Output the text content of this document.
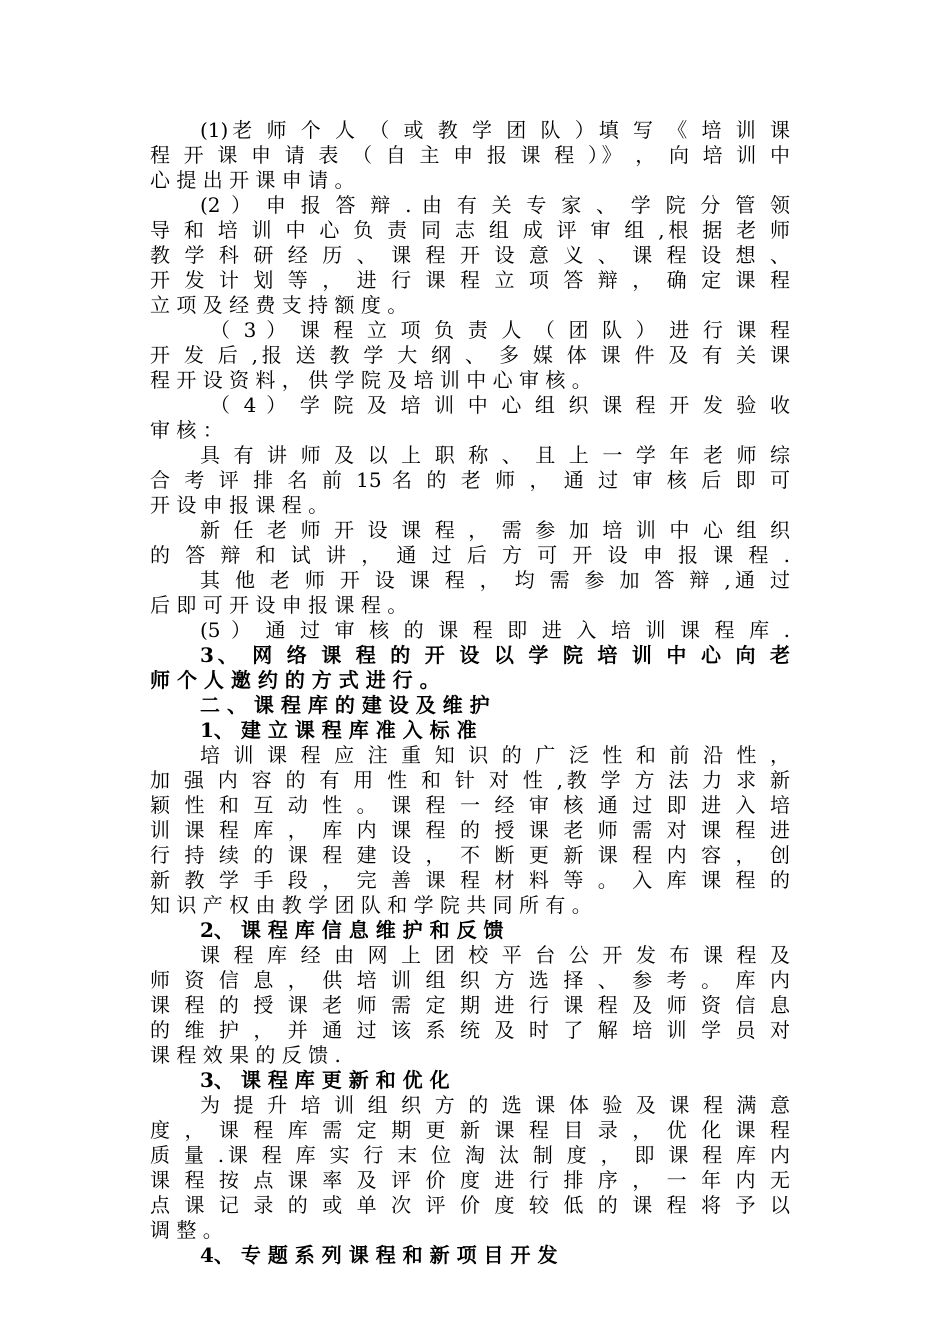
(1)老 师 个 人 （ 或 教 学 团 队 ）填 写 《 培 训 课
程 开 课 申 请 表 （ 自 主 申 报 课 程 ）》 ， 向 培 训 中
心 提 出 开 课 申 请 。
(2 ） 申 报 答 辩 . 由 有 关 专 家 、 学 院 分 管 领
导 和 培 训 中 心 负 责 同 志 组 成 评 审 组 ,根 据 老 师
教 学 科 研 经 历 、 课 程 开 设 意 义 、 课 程 设 想 、
开 发 计 划 等 ， 进 行 课 程 立 项 答 辩 ， 确 定 课 程
立 项 及 经 费 支 持 额 度 。
（ 3 ） 课 程 立 项 负 责 人 （ 团 队 ） 进 行 课 程
开 发 后 ,报 送 教 学 大 纲 、 多 媒 体 课 件 及 有 关 课
程 开 设 资 料 ， 供 学 院 及 培 训 中 心 审 核 。
（ 4 ） 学 院 及 培 训 中 心 组 织 课 程 开 发 验 收
审 核 ：
具 有 讲 师 及 以 上 职 称 、 且 上 一 学 年 老 师 综
合 考 评 排 名 前 15 名 的 老 师 ， 通 过 审 核 后 即 可
开 设 申 报 课 程 。
新 任 老 师 开 设 课 程 ， 需 参 加 培 训 中 心 组 织
的 答 辩 和 试 讲 ， 通 过 后 方 可 开 设 申 报 课 程 .
其 他 老 师 开 设 课 程 ， 均 需 参 加 答 辩 ,通 过
后 即 可 开 设 申 报 课 程 。
(5 ） 通 过 审 核 的 课 程 即 进 入 培 训 课 程 库 .
3、 网 络 课 程 的 开 设 以 学 院 培 训 中 心 向 老
师 个 人 邀 约 的 方 式 进 行 。
二 、 课 程 库 的 建 设 及 维 护
1、 建 立 课 程 库 准 入 标 准
培 训 课 程 应 注 重 知 识 的 广 泛 性 和 前 沿 性 ，
加 强 内 容 的 有 用 性 和 针 对 性 ,教 学 方 法 力 求 新
颖 性 和 互 动 性 。 课 程 一 经 审 核 通 过 即 进 入 培
训 课 程 库 ， 库 内 课 程 的 授 课 老 师 需 对 课 程 进
行 持 续 的 课 程 建 设 ， 不 断 更 新 课 程 内 容 ， 创
新 教 学 手 段 ， 完 善 课 程 材 料 等 。 入 库 课 程 的
知 识 产 权 由 教 学 团 队 和 学 院 共 同 所 有 。
2、 课 程 库 信 息 维 护 和 反 馈
课 程 库 经 由 网 上 团 校 平 台 公 开 发 布 课 程 及
师 资 信 息 ， 供 培 训 组 织 方 选 择 、 参 考 。 库 内
课 程 的 授 课 老 师 需 定 期 进 行 课 程 及 师 资 信 息
的 维 护 ， 并 通 过 该 系 统 及 时 了 解 培 训 学 员 对
课 程 效 果 的 反 馈 .
3、 课 程 库 更 新 和 优 化
为 提 升 培 训 组 织 方 的 选 课 体 验 及 课 程 满 意
度 ， 课 程 库 需 定 期 更 新 课 程 目 录 ， 优 化 课 程
质 量 .课 程 库 实 行 末 位 淘 汰 制 度 ， 即 课 程 库 内
课 程 按 点 课 率 及 评 价 度 进 行 排 序 ， 一 年 内 无
点 课 记 录 的 或 单 次 评 价 度 较 低 的 课 程 将 予 以
调 整 。
4、 专 题 系 列 课 程 和 新 项 目 开 发
